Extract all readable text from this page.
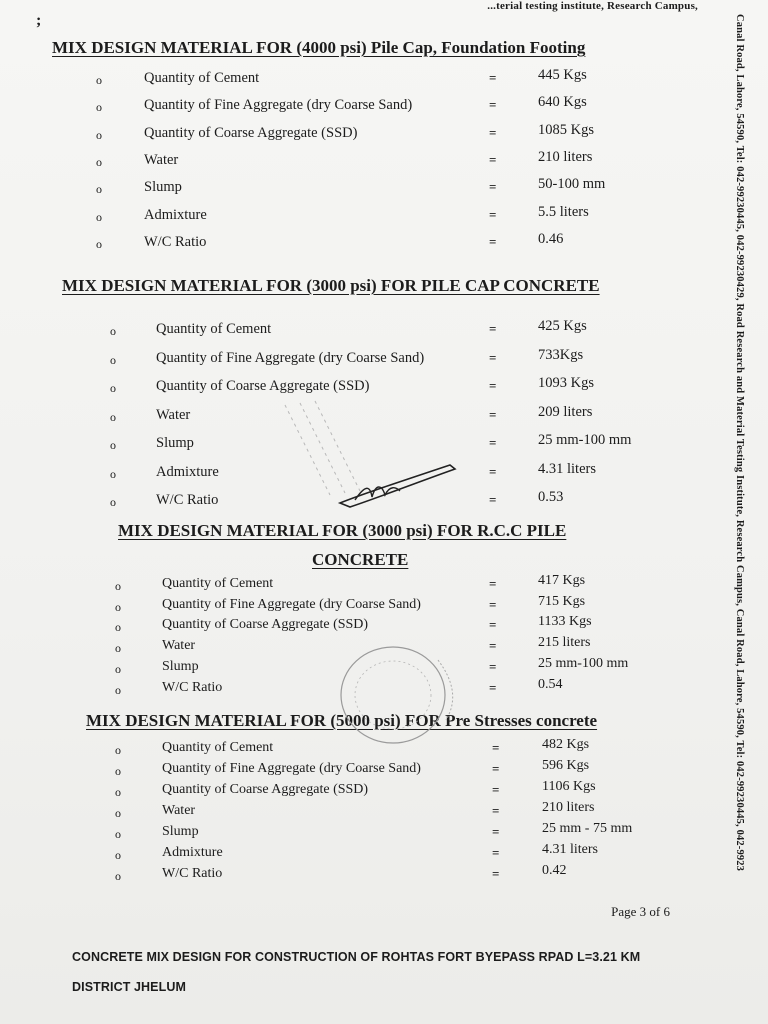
...terial testing institute, Research Campus,
;	Canal Road, Lahore, 54590, Tel: 042-99230445, 042-99230429, Road Research and Material Testing Institute, Research Campus, Canal Road, Lahore, 54590, Tel: 042-99230445, 042-9923
MIX DESIGN MATERIAL FOR (4000 psi) Pile Cap, Foundation Footing
o	Quantity of Cement	=	445 Kgs
o	Quantity of Fine Aggregate (dry Coarse Sand)	=	640 Kgs
o	Quantity of Coarse Aggregate (SSD)	=	1085 Kgs
o	Water	=	210 liters
o	Slump	=	50-100 mm
o	Admixture	=	5.5 liters
o	W/C Ratio	=	0.46
MIX DESIGN MATERIAL FOR (3000 psi) FOR PILE CAP CONCRETE
o	Quantity of Cement	=	425 Kgs
o	Quantity of Fine Aggregate (dry Coarse Sand)	=	733Kgs
o	Quantity of Coarse Aggregate (SSD)	=	1093 Kgs
o	Water	=	209 liters
o	Slump	=	25 mm-100 mm
o	Admixture	=	4.31 liters
o	W/C Ratio	=	0.53
MIX DESIGN MATERIAL FOR (3000 psi) FOR R.C.C PILE
CONCRETE
o	Quantity of Cement	=	417 Kgs
o	Quantity of Fine Aggregate (dry Coarse Sand)	=	715 Kgs
o	Quantity of Coarse Aggregate (SSD)	=	1133 Kgs
o	Water	=	215 liters
o	Slump	=	25 mm-100 mm
o	W/C Ratio	=	0.54
MIX DESIGN MATERIAL FOR (5000 psi) FOR Pre Stresses concrete
o	Quantity of Cement	=	482 Kgs
o	Quantity of Fine Aggregate (dry Coarse Sand)	=	596 Kgs
o	Quantity of Coarse Aggregate (SSD)	=	1106 Kgs
o	Water	=	210 liters
o	Slump	=	25 mm - 75 mm
o	Admixture	=	4.31 liters
o	W/C Ratio	=	0.42
Page 3 of 6
CONCRETE MIX DESIGN FOR CONSTRUCTION OF ROHTAS FORT BYEPASS RPAD L=3.21 KM
DISTRICT JHELUM
